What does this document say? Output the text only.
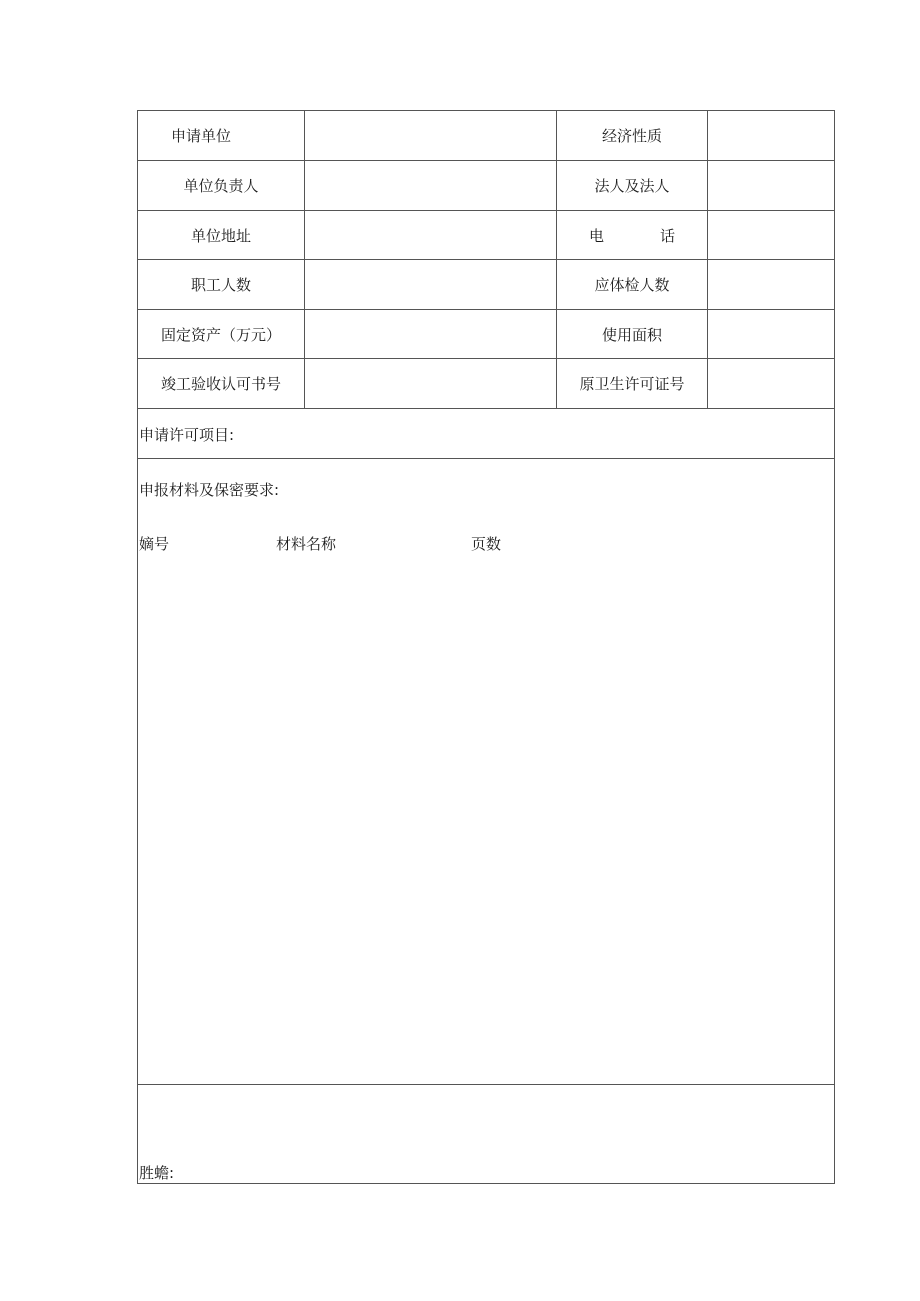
申请单位	经济性质
单位负责人	法人及法人
单位地址	电	话
职工人数	应体检人数
固定资产（万元）	使用面积
竣工验收认可书号	原卫生许可证号
申请许可项目:
申报材料及保密要求:
嫡号	材料名称	页数
胜蟾:
